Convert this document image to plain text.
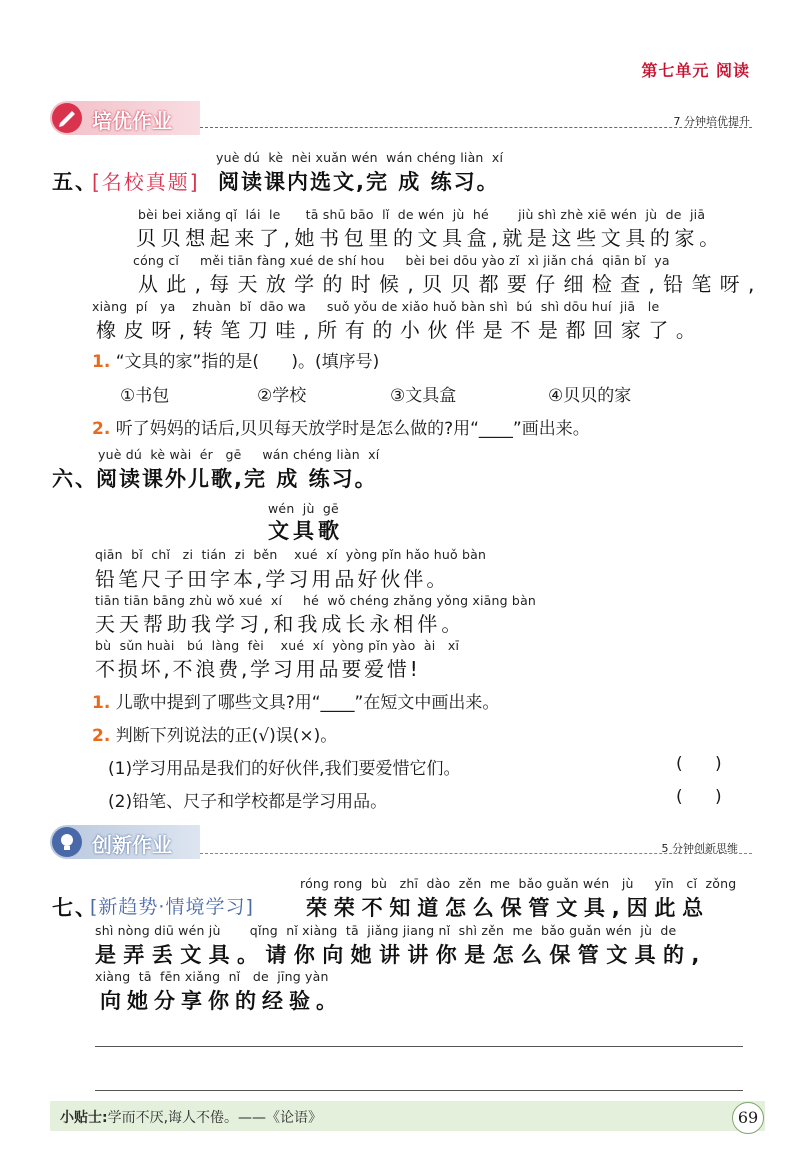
第七单元 阅读
培优作业	7 分钟培优提升
yuè dú  kè  nèi xuǎn wén  wán chéng liàn  xí
五、
[名校真题] 阅读课内选文,完 成 练习。
bèi bei xiǎng qǐ  lái  le      tā shū bāo  lǐ  de wén  jù  hé       jiù shì zhè xiē wén  jù  de  jiā
贝贝想起来了,她书包里的文具盒,就是这些文具的家。
cóng cǐ     měi tiān fàng xué de shí hou     bèi bei dōu yào zǐ  xì jiǎn chá  qiān bǐ  ya
从此,每天放学的时候,贝贝都要仔细检查,铅笔呀,
xiàng  pí   ya    zhuàn  bǐ  dāo wa     suǒ yǒu de xiǎo huǒ bàn shì  bú  shì dōu huí  jiā   le
橡皮呀,转笔刀哇,所有的小伙伴是不是都回家了。
1. “文具的家”指的是(      )。(填序号)
①书包	②学校	③文具盒	④贝贝的家
2. 听了妈妈的话后,贝贝每天放学时是怎么做的?用“____”画出来。
yuè dú  kè wài  ér   gē     wán chéng liàn  xí
六、
阅读课外儿歌,完 成 练习。
wén  jù  gē
文具歌
qiān  bǐ  chǐ   zi  tián  zi  běn    xué  xí  yòng pǐn hǎo huǒ bàn
铅笔尺子田字本,学习用品好伙伴。
tiān tiān bāng zhù wǒ xué  xí     hé  wǒ chéng zhǎng yǒng xiāng bàn
天天帮助我学习,和我成长永相伴。
bù  sǔn huài   bú  làng  fèi    xué  xí  yòng pǐn yào  ài   xī
不损坏,不浪费,学习用品要爱惜!
1. 儿歌中提到了哪些文具?用“____”在短文中画出来。
2. 判断下列说法的正(√)误(×)。
(1)学习用品是我们的好伙伴,我们要爱惜它们。	(      )
(2)铅笔、尺子和学校都是学习用品。	(      )
创新作业	5 分钟创新思维
róng rong  bù   zhī  dào  zěn  me  bǎo guǎn wén   jù     yīn   cǐ  zǒng
七、
[新趋势·情境学习] 荣荣不知道怎么保管文具,因此总
shì nòng diū wén jù       qǐng  nǐ xiàng  tā  jiǎng jiang nǐ  shì zěn  me  bǎo guǎn wén  jù  de
是弄丢文具。请你向她讲讲你是怎么保管文具的,
xiàng  tā  fēn xiǎng  nǐ   de  jīng yàn
向她分享你的经验。
小贴士:学而不厌,诲人不倦。——《论语》	69
